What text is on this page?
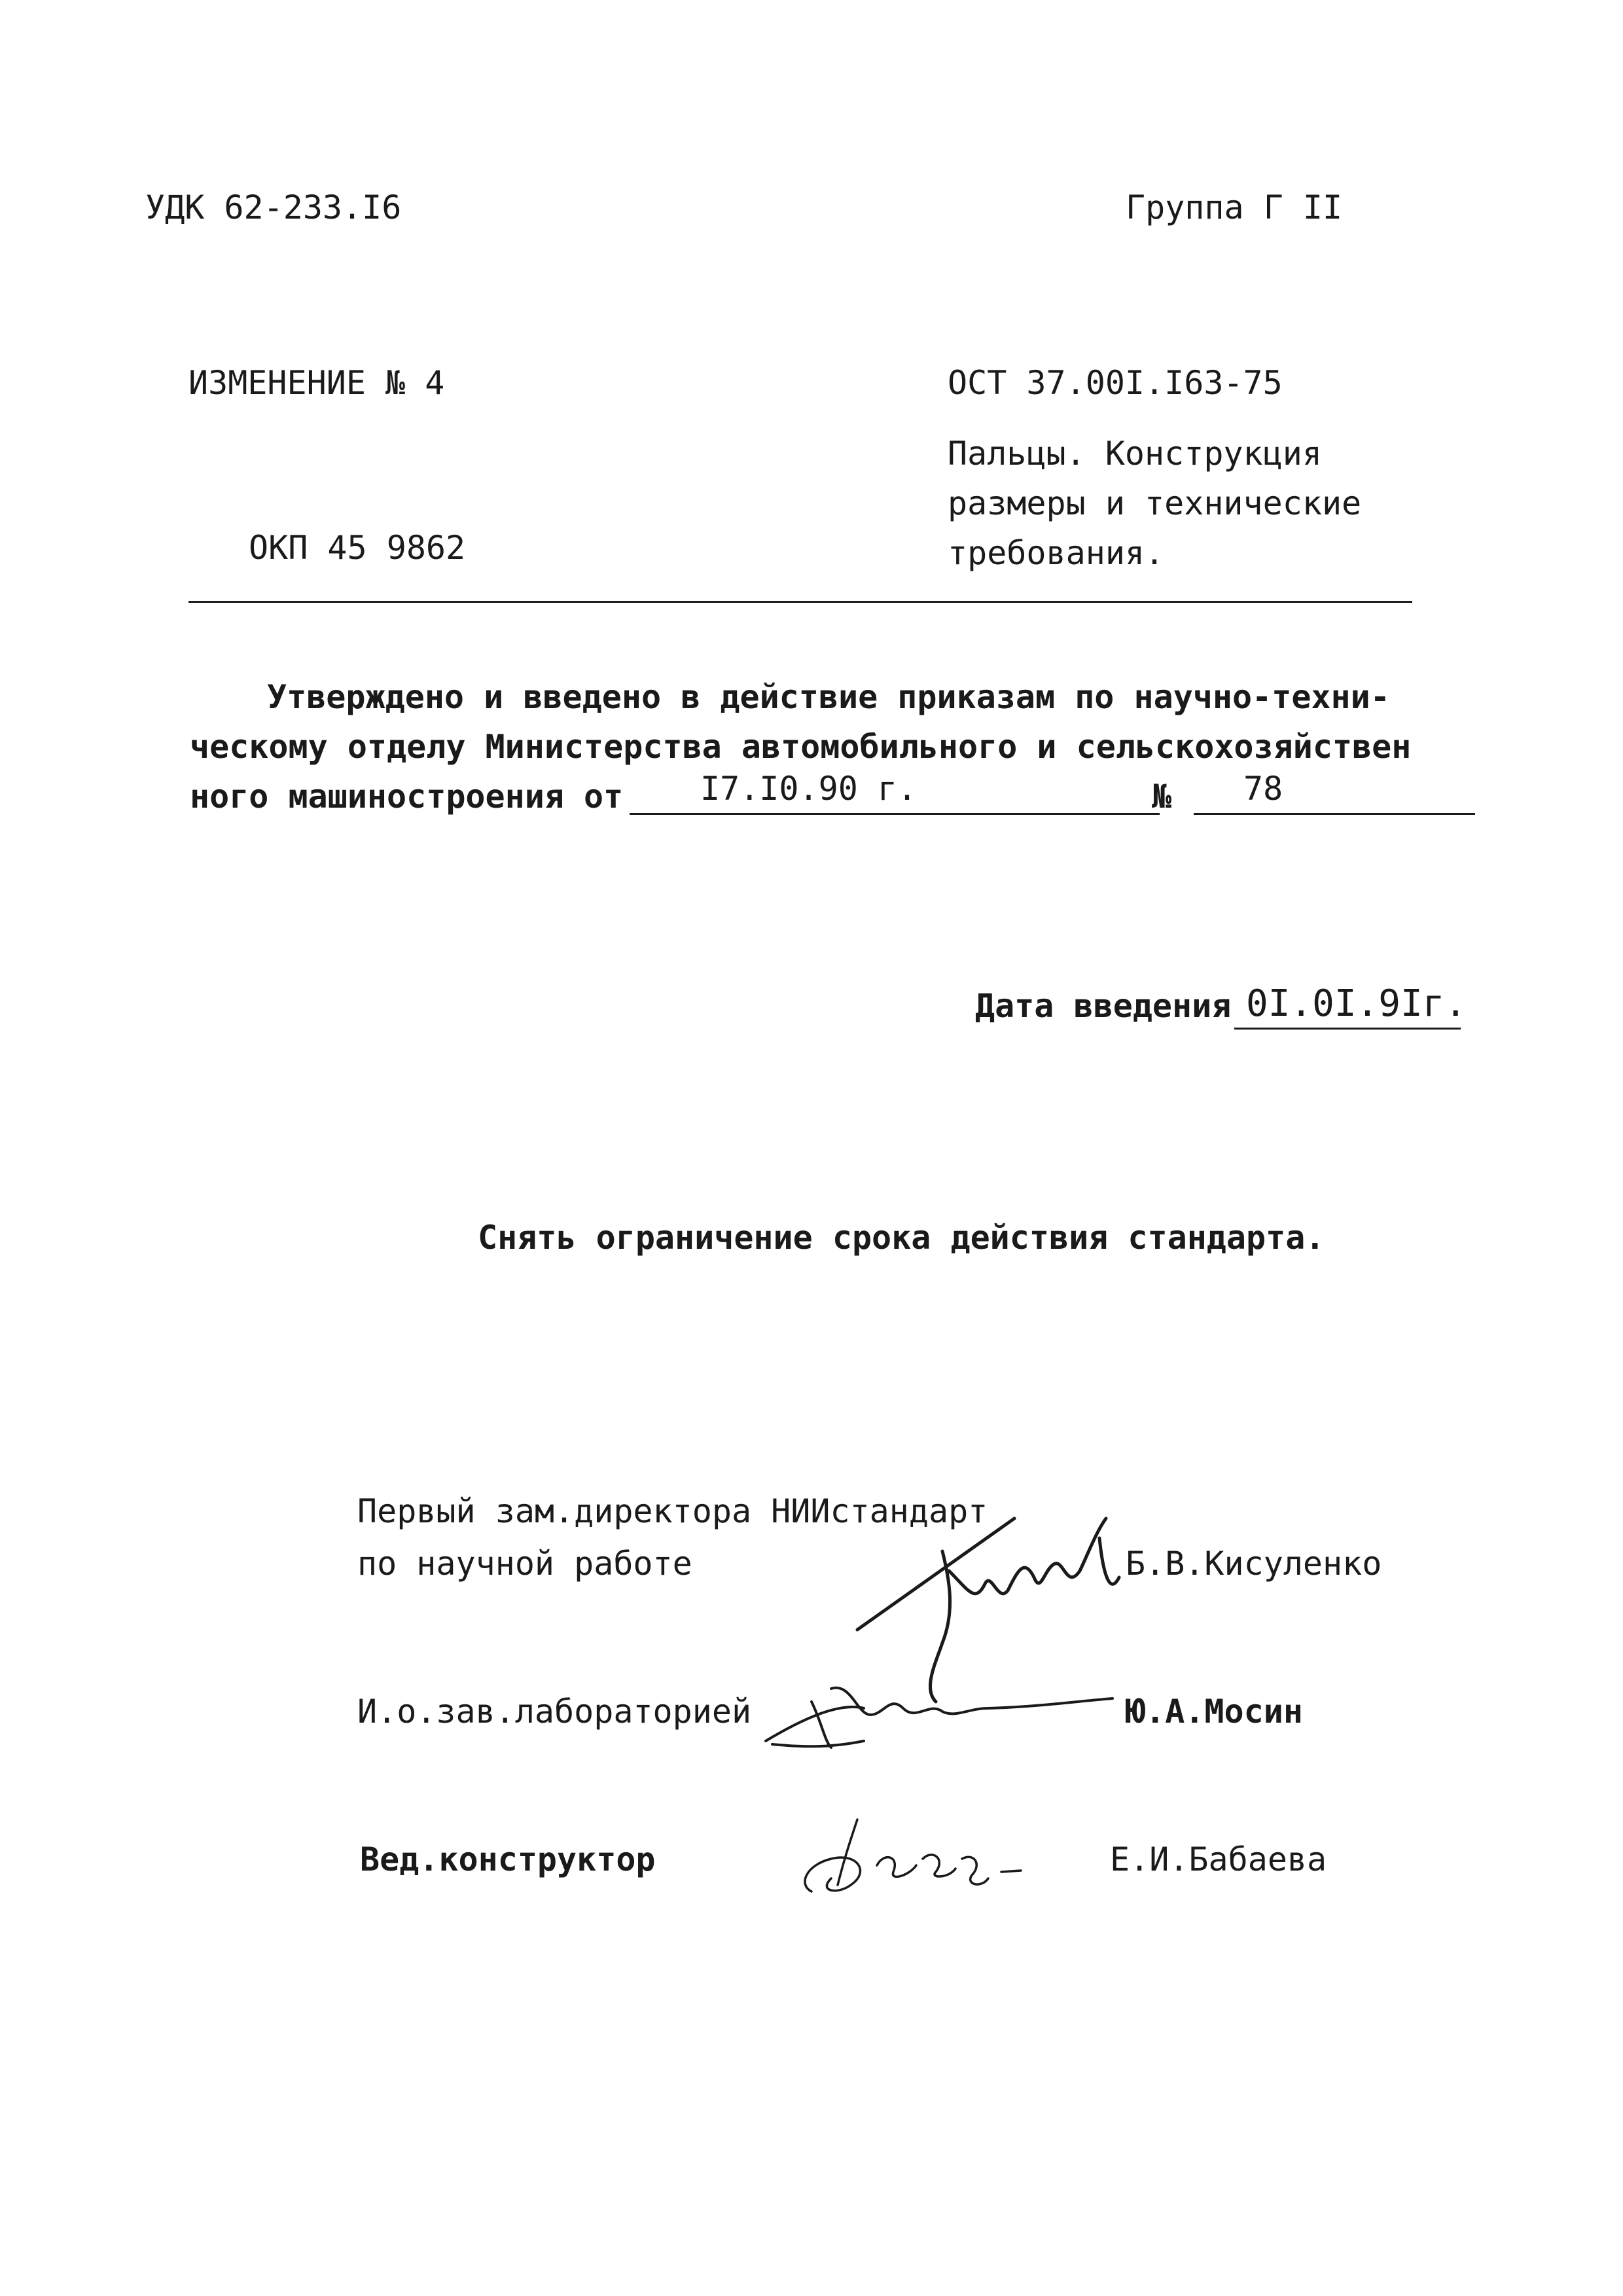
УДК 62-233.I6	Группа Г II
ИЗМЕНЕНИЕ № 4	ОСТ 37.00I.I63-75
Пальцы. Конструкция
размеры и технические
требования.
ОКП 45 9862
Утверждено и введено в действие приказам по научно-техни-
ческому отделу Министерства автомобильного и сельскохозяйствен
ного машиностроения от I7.I0.90 г.	№ 78
Дата введения 0I.0I.9Iг.
Снять ограничение срока действия стандарта.
Первый зам.директора НИИстандарт
по научной работе	Б.В.Кисуленко
И.о.зав.лабораторией	Ю.А.Мосин
Вед.конструктор	Е.И.Бабаева
